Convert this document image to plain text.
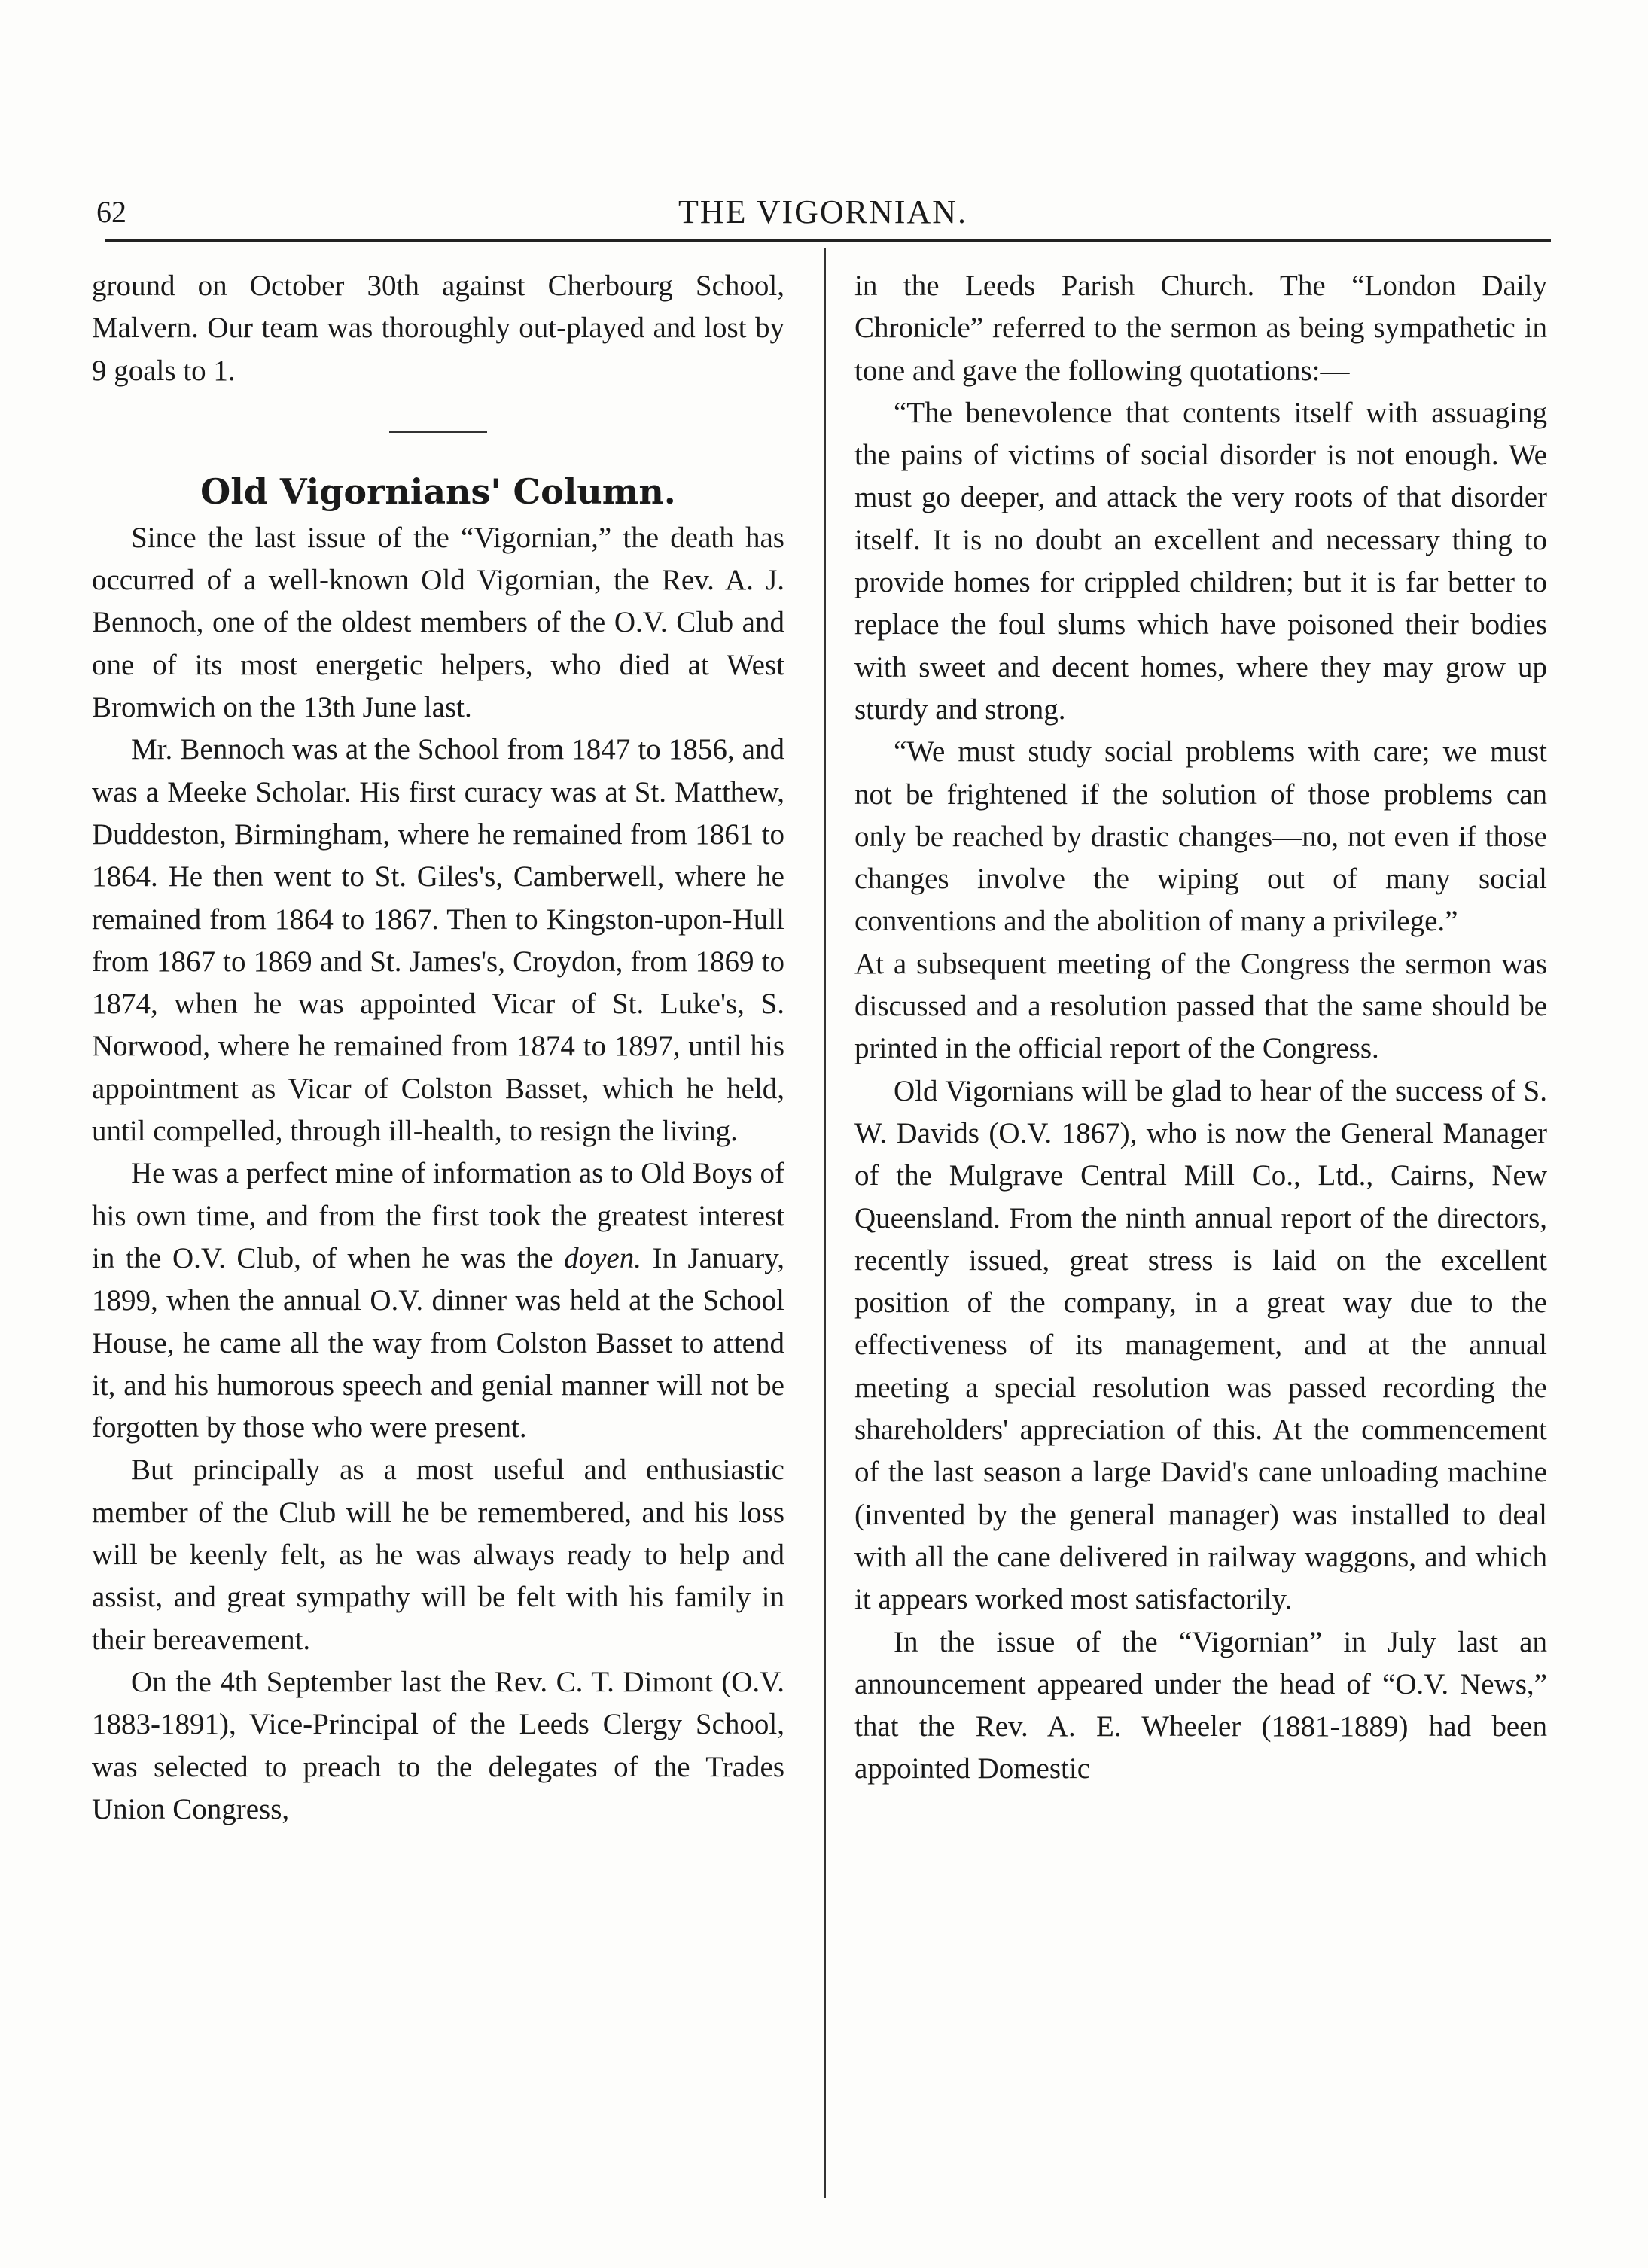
62	THE VIGORNIAN.

ground on October 30th against Cherbourg School, Malvern. Our team was thoroughly out-played and lost by 9 goals to 1.

Old Vigornians' Column.

Since the last issue of the “Vigornian,” the death has occurred of a well-known Old Vigornian, the Rev. A. J. Bennoch, one of the oldest members of the O.V. Club and one of its most energetic helpers, who died at West Bromwich on the 13th June last.

Mr. Bennoch was at the School from 1847 to 1856, and was a Meeke Scholar. His first curacy was at St. Matthew, Duddeston, Birmingham, where he remained from 1861 to 1864. He then went to St. Giles's, Camberwell, where he remained from 1864 to 1867. Then to Kingston-upon-Hull from 1867 to 1869 and St. James's, Croydon, from 1869 to 1874, when he was appointed Vicar of St. Luke's, S. Norwood, where he remained from 1874 to 1897, until his appointment as Vicar of Colston Basset, which he held, until compelled, through ill-health, to resign the living.

He was a perfect mine of information as to Old Boys of his own time, and from the first took the greatest interest in the O.V. Club, of when he was the doyen. In January, 1899, when the annual O.V. dinner was held at the School House, he came all the way from Colston Basset to attend it, and his humorous speech and genial manner will not be forgotten by those who were present.

But principally as a most useful and enthusiastic member of the Club will he be remembered, and his loss will be keenly felt, as he was always ready to help and assist, and great sympathy will be felt with his family in their bereavement.

On the 4th September last the Rev. C. T. Dimont (O.V. 1883-1891), Vice-Principal of the Leeds Clergy School, was selected to preach to the delegates of the Trades Union Congress,

in the Leeds Parish Church. The “London Daily Chronicle” referred to the sermon as being sympathetic in tone and gave the following quotations:—

“The benevolence that contents itself with assuaging the pains of victims of social disorder is not enough. We must go deeper, and attack the very roots of that disorder itself. It is no doubt an excellent and necessary thing to provide homes for crippled children; but it is far better to replace the foul slums which have poisoned their bodies with sweet and decent homes, where they may grow up sturdy and strong.

“We must study social problems with care; we must not be frightened if the solution of those problems can only be reached by drastic changes—no, not even if those changes involve the wiping out of many social conventions and the abolition of many a privilege.”

At a subsequent meeting of the Congress the sermon was discussed and a resolution passed that the same should be printed in the official report of the Congress.

Old Vigornians will be glad to hear of the success of S. W. Davids (O.V. 1867), who is now the General Manager of the Mulgrave Central Mill Co., Ltd., Cairns, New Queensland. From the ninth annual report of the directors, recently issued, great stress is laid on the excellent position of the company, in a great way due to the effectiveness of its management, and at the annual meeting a special resolution was passed recording the shareholders' appreciation of this. At the commencement of the last season a large David's cane unloading machine (invented by the general manager) was installed to deal with all the cane delivered in railway waggons, and which it appears worked most satisfactorily.

In the issue of the “Vigornian” in July last an announcement appeared under the head of “O.V. News,” that the Rev. A. E. Wheeler (1881-1889) had been appointed Domestic
